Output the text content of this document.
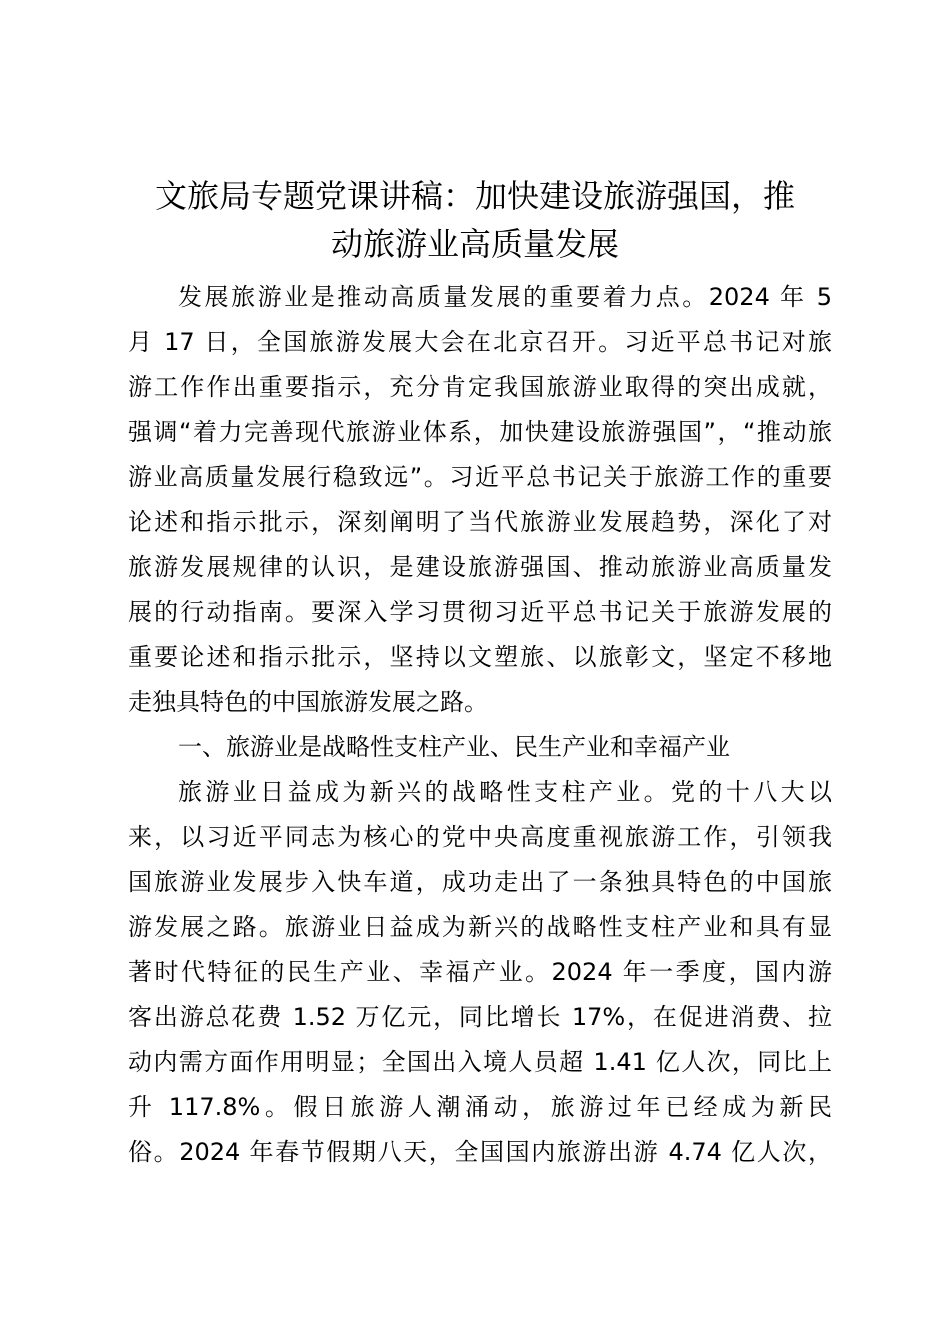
文旅局专题党课讲稿：加快建设旅游强国，推
动旅游业高质量发展
发展旅游业是推动高质量发展的重要着力点。2024 年 5
月 17 日，全国旅游发展大会在北京召开。习近平总书记对旅
游工作作出重要指示，充分肯定我国旅游业取得的突出成就，
强调“着力完善现代旅游业体系，加快建设旅游强国”，“推动旅
游业高质量发展行稳致远”。习近平总书记关于旅游工作的重要
论述和指示批示，深刻阐明了当代旅游业发展趋势，深化了对
旅游发展规律的认识，是建设旅游强国、推动旅游业高质量发
展的行动指南。要深入学习贯彻习近平总书记关于旅游发展的
重要论述和指示批示，坚持以文塑旅、以旅彰文，坚定不移地
走独具特色的中国旅游发展之路。
一、旅游业是战略性支柱产业、民生产业和幸福产业
旅游业日益成为新兴的战略性支柱产业。党的十八大以
来，以习近平同志为核心的党中央高度重视旅游工作，引领我
国旅游业发展步入快车道，成功走出了一条独具特色的中国旅
游发展之路。旅游业日益成为新兴的战略性支柱产业和具有显
著时代特征的民生产业、幸福产业。2024 年一季度，国内游
客出游总花费 1.52 万亿元，同比增长 17%，在促进消费、拉
动内需方面作用明显；全国出入境人员超 1.41 亿人次，同比上
升 117.8%。假日旅游人潮涌动，旅游过年已经成为新民
俗。2024 年春节假期八天，全国国内旅游出游 4.74 亿人次，
